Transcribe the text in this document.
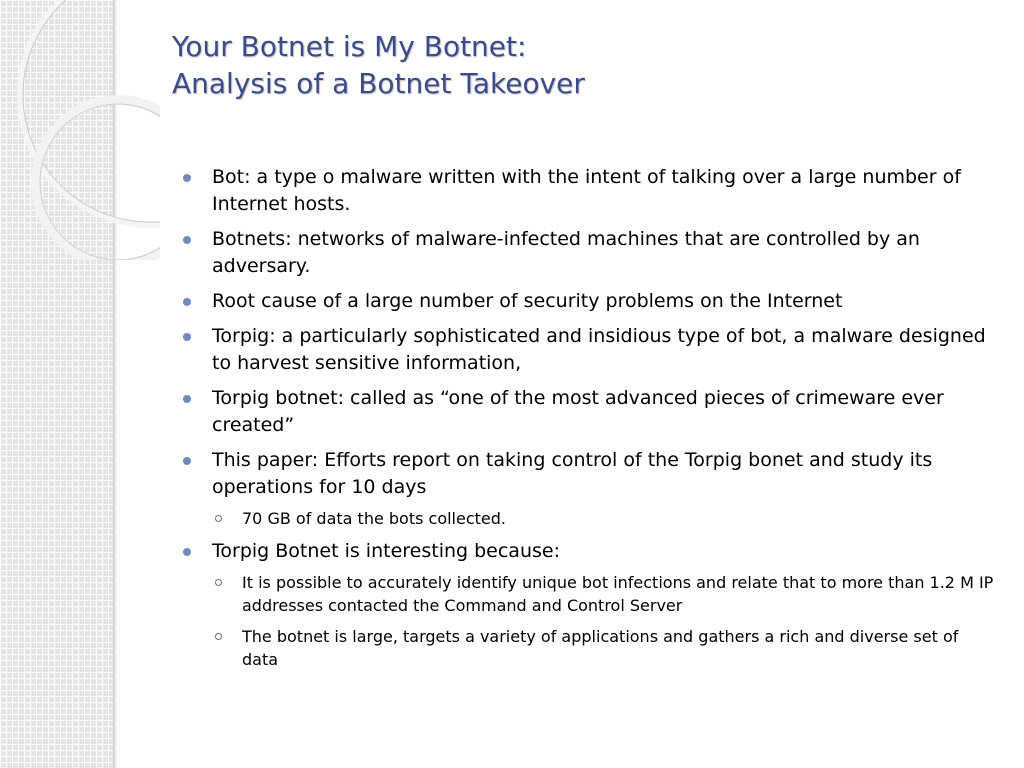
Your Botnet is My Botnet:
Analysis of a Botnet Takeover
Bot: a type o malware written with the intent of talking over a large number of Internet hosts.
Botnets: networks of malware-infected machines that are controlled by an adversary.
Root cause of a large number of security problems on the Internet
Torpig: a particularly sophisticated and insidious type of bot, a malware designed to harvest sensitive information,
Torpig botnet: called as “one of the most advanced pieces of crimeware ever created”
This paper: Efforts report on taking control of the Torpig bonet and study its operations for 10 days
70 GB of data the bots collected.
Torpig Botnet is interesting because:
It is possible to accurately identify unique bot infections and relate that to more than 1.2 M IP addresses contacted the Command and Control Server
The botnet is large, targets a variety of applications and gathers a rich and diverse set of data
